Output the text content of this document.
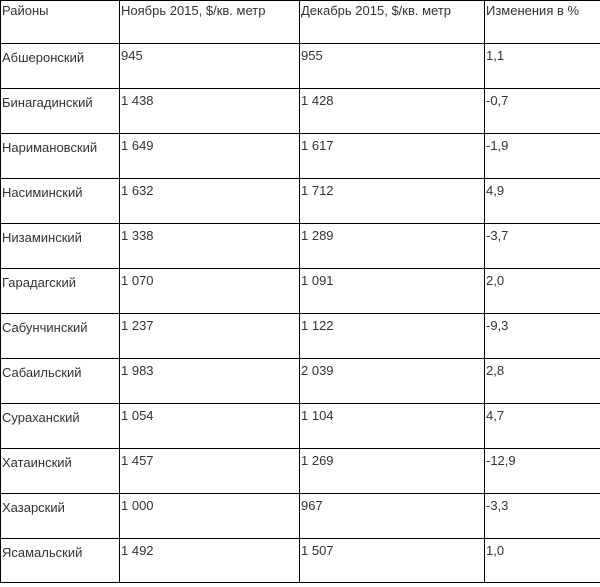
Районы	Ноябрь 2015, $/кв. метр	Декабрь 2015, $/кв. метр	Изменения в %
Абшеронский	945	955	1,1
Бинагадинский	1 438	1 428	-0,7
Наримановский	1 649	1 617	-1,9
Насиминский	1 632	1 712	4,9
Низаминский	1 338	1 289	-3,7
Гарадагский	1 070	1 091	2,0
Сабунчинский	1 237	1 122	-9,3
Сабаильский	1 983	2 039	2,8
Сураханский	1 054	1 104	4,7
Хатаинский	1 457	1 269	-12,9
Хазарский	1 000	967	-3,3
Ясамальский	1 492	1 507	1,0
